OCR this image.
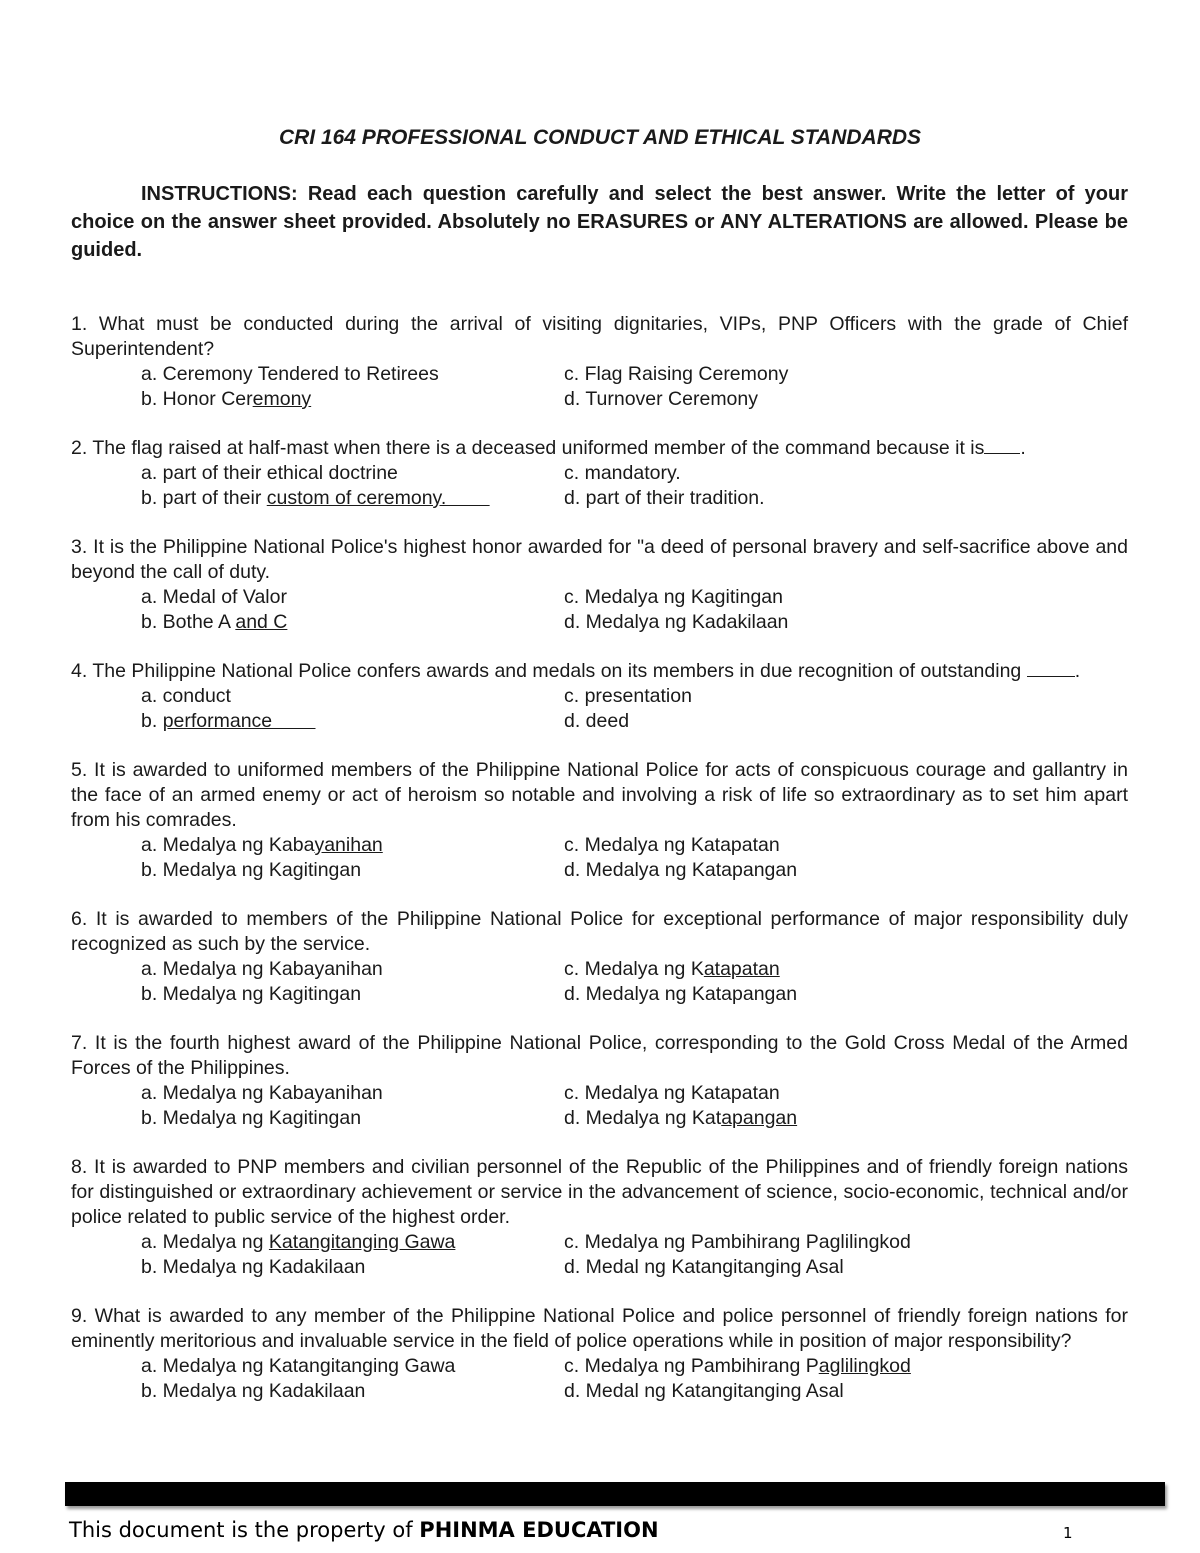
CRI 164 PROFESSIONAL CONDUCT AND ETHICAL STANDARDS
INSTRUCTIONS: Read each question carefully and select the best answer. Write the letter of your choice on the answer sheet provided. Absolutely no ERASURES or ANY ALTERATIONS are allowed. Please be guided.
1. What must be conducted during the arrival of visiting dignitaries, VIPs, PNP Officers with the grade of Chief Superintendent?
a. Ceremony Tendered to Retirees	c. Flag Raising Ceremony
b. Honor Ceremony	d. Turnover Ceremony
2. The flag raised at half-mast when there is a deceased uniformed member of the command because it is .
a. part of their ethical doctrine	c. mandatory.
b. part of their custom of ceremony.	d. part of their tradition.
3. It is the Philippine National Police's highest honor awarded for "a deed of personal bravery and self-sacrifice above and beyond the call of duty.
a. Medal of Valor	c. Medalya ng Kagitingan
b. Bothe A and C	d. Medalya ng Kadakilaan
4. The Philippine National Police confers awards and medals on its members in due recognition of outstanding	.
a. conduct	c. presentation
b. performance	d. deed
5. It is awarded to uniformed members of the Philippine National Police for acts of conspicuous courage and gallantry in the face of an armed enemy or act of heroism so notable and involving a risk of life so extraordinary as to set him apart from his comrades.
a. Medalya ng Kabayanihan	c. Medalya ng Katapatan
b. Medalya ng Kagitingan	d. Medalya ng Katapangan
6. It is awarded to members of the Philippine National Police for exceptional performance of major responsibility duly recognized as such by the service.
a. Medalya ng Kabayanihan	c. Medalya ng Katapatan
b. Medalya ng Kagitingan	d. Medalya ng Katapangan
7. It is the fourth highest award of the Philippine National Police, corresponding to the Gold Cross Medal of the Armed Forces of the Philippines.
a. Medalya ng Kabayanihan	c. Medalya ng Katapatan
b. Medalya ng Kagitingan	d. Medalya ng Katapangan
8. It is awarded to PNP members and civilian personnel of the Republic of the Philippines and of friendly foreign nations for distinguished or extraordinary achievement or service in the advancement of science, socio-economic, technical and/or police related to public service of the highest order.
a. Medalya ng Katangitanging Gawa	c. Medalya ng Pambihirang Paglilingkod
b. Medalya ng Kadakilaan	d. Medal ng Katangitanging Asal
9. What is awarded to any member of the Philippine National Police and police personnel of friendly foreign nations for eminently meritorious and invaluable service in the field of police operations while in position of major responsibility?
a. Medalya ng Katangitanging Gawa	c. Medalya ng Pambihirang Paglilingkod
b. Medalya ng Kadakilaan	d. Medal ng Katangitanging Asal
This document is the property of PHINMA EDUCATION	1
